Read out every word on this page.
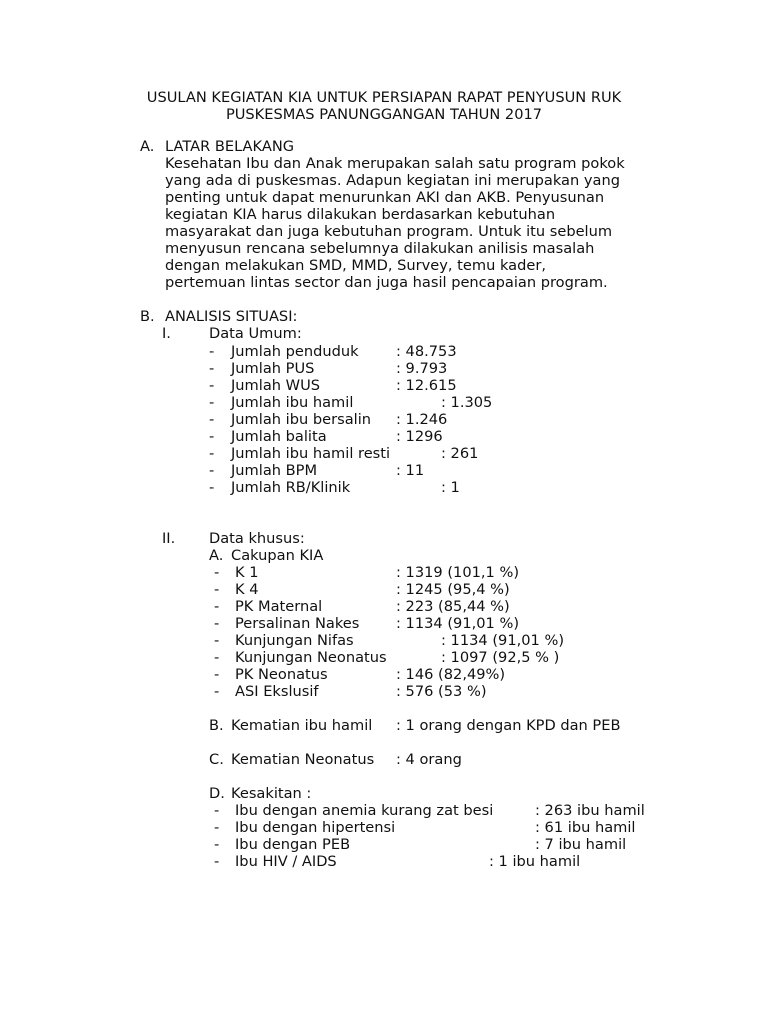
USULAN KEGIATAN KIA UNTUK PERSIAPAN RAPAT PENYUSUN RUK
PUSKESMAS PANUNGGANGAN TAHUN 2017
A. LATAR BELAKANG
Kesehatan Ibu dan Anak merupakan salah satu program pokok
yang ada di puskesmas. Adapun kegiatan ini merupakan yang
penting untuk dapat menurunkan AKI dan AKB. Penyusunan
kegiatan KIA harus dilakukan berdasarkan kebutuhan
masyarakat dan juga kebutuhan program. Untuk itu sebelum
menyusun rencana sebelumnya dilakukan anilisis masalah
dengan melakukan SMD, MMD, Survey, temu kader,
pertemuan lintas sector dan juga hasil pencapaian program.
B. ANALISIS SITUASI:
I.	Data Umum:
- Jumlah penduduk	: 48.753
- Jumlah PUS	: 9.793
- Jumlah WUS	: 12.615
- Jumlah ibu hamil	: 1.305
- Jumlah ibu bersalin : 1.246
- Jumlah balita	: 1296
- Jumlah ibu hamil resti	: 261
- Jumlah BPM	: 11
- Jumlah RB/Klinik	: 1
II. Data khusus:
A. Cakupan KIA
- K 1	: 1319 (101,1 %)
- K 4	: 1245 (95,4 %)
- PK Maternal	: 223 (85,44 %)
- Persalinan Nakes	: 1134 (91,01 %)
- Kunjungan Nifas	: 1134 (91,01 %)
- Kunjungan Neonatus	: 1097 (92,5 % )
- PK Neonatus	: 146 (82,49%)
- ASI Ekslusif	: 576 (53 %)
B. Kematian ibu hamil : 1 orang dengan KPD dan PEB
C. Kematian Neonatus : 4 orang
D. Kesakitan :
- Ibu dengan anemia kurang zat besi	: 263 ibu hamil
- Ibu dengan hipertensi	: 61 ibu hamil
- Ibu dengan PEB	: 7 ibu hamil
- Ibu HIV / AIDS	: 1 ibu hamil
